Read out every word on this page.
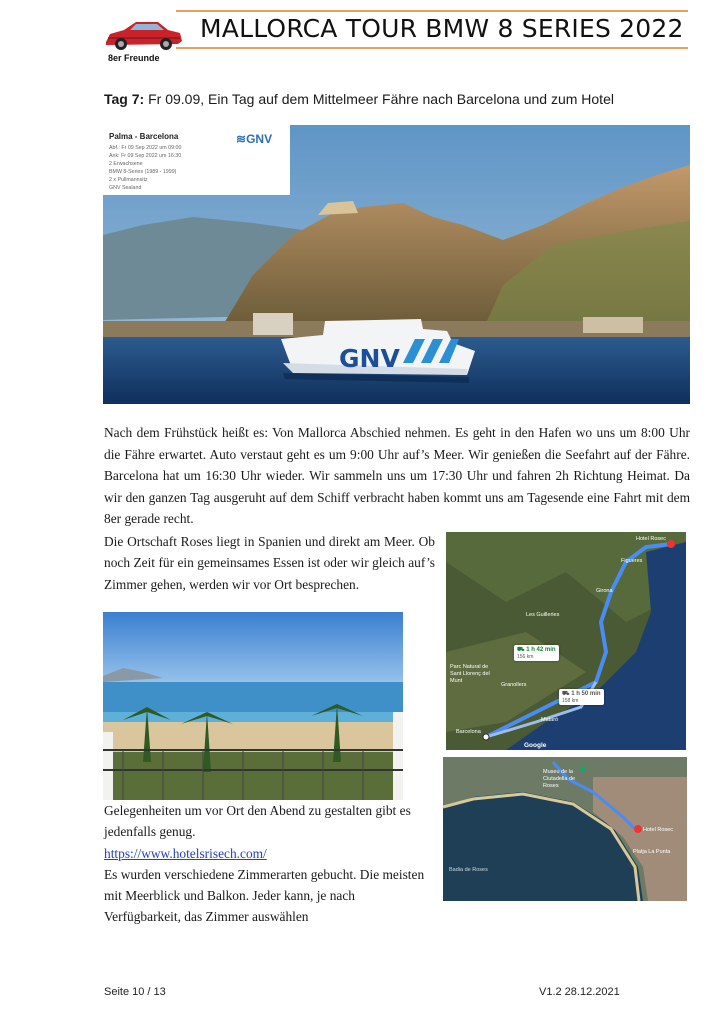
8er Freunde
MALLORCA TOUR BMW 8 SERIES 2022
Tag 7: Fr 09.09, Ein Tag auf dem Mittelmeer Fähre nach Barcelona und zum Hotel
GNV
Palma - Barcelona	≋GNV
Abf.: Fr 09 Sep 2022 um 09:00
Ank: Fr 09 Sep 2022 um 16:30
2 Erwachsene
BMW 8-Series (1989 - 1999)
2 x Pullmannsitz
GNV Sealand
Nach dem Frühstück heißt es: Von Mallorca Abschied nehmen. Es geht in den Hafen wo uns um 8:00 Uhr die Fähre erwartet. Auto verstaut geht es um 9:00 Uhr auf’s Meer. Wir genießen die Seefahrt auf der Fähre. Barcelona hat um 16:30 Uhr wieder. Wir sammeln uns um 17:30 Uhr und fahren 2h Richtung Heimat. Da wir den ganzen Tag ausgeruht auf dem Schiff verbracht haben kommt uns am Tagesende eine Fahrt mit dem 8er gerade recht.
Die Ortschaft Roses liegt in Spanien und direkt am Meer. Ob noch Zeit für ein gemeinsames Essen ist oder wir gleich auf’s Zimmer gehen, werden wir vor Ort besprechen.
Gelegenheiten um vor Ort den Abend zu gestalten gibt es jedenfalls genug.
https://www.hotelsrisech.com/
Es wurden verschiedene Zimmerarten gebucht. Die meisten mit Meerblick und Balkon. Jeder kann, je nach Verfügbarkeit, das Zimmer auswählen
Hotel Rosec
Barcelona
Les Guilleries
Girona
Figueres
Mataró
Granollers
Parc Natural de Sant Llorenç del Munt
⛟ 1 h 42 min
156 km
⛟ 1 h 50 min
158 km
Google
Hotel Rosec
Platja La Punta
Badia de Roses
Museu de la Ciutadella de Roses
Seite 10 / 13	V1.2 28.12.2021
